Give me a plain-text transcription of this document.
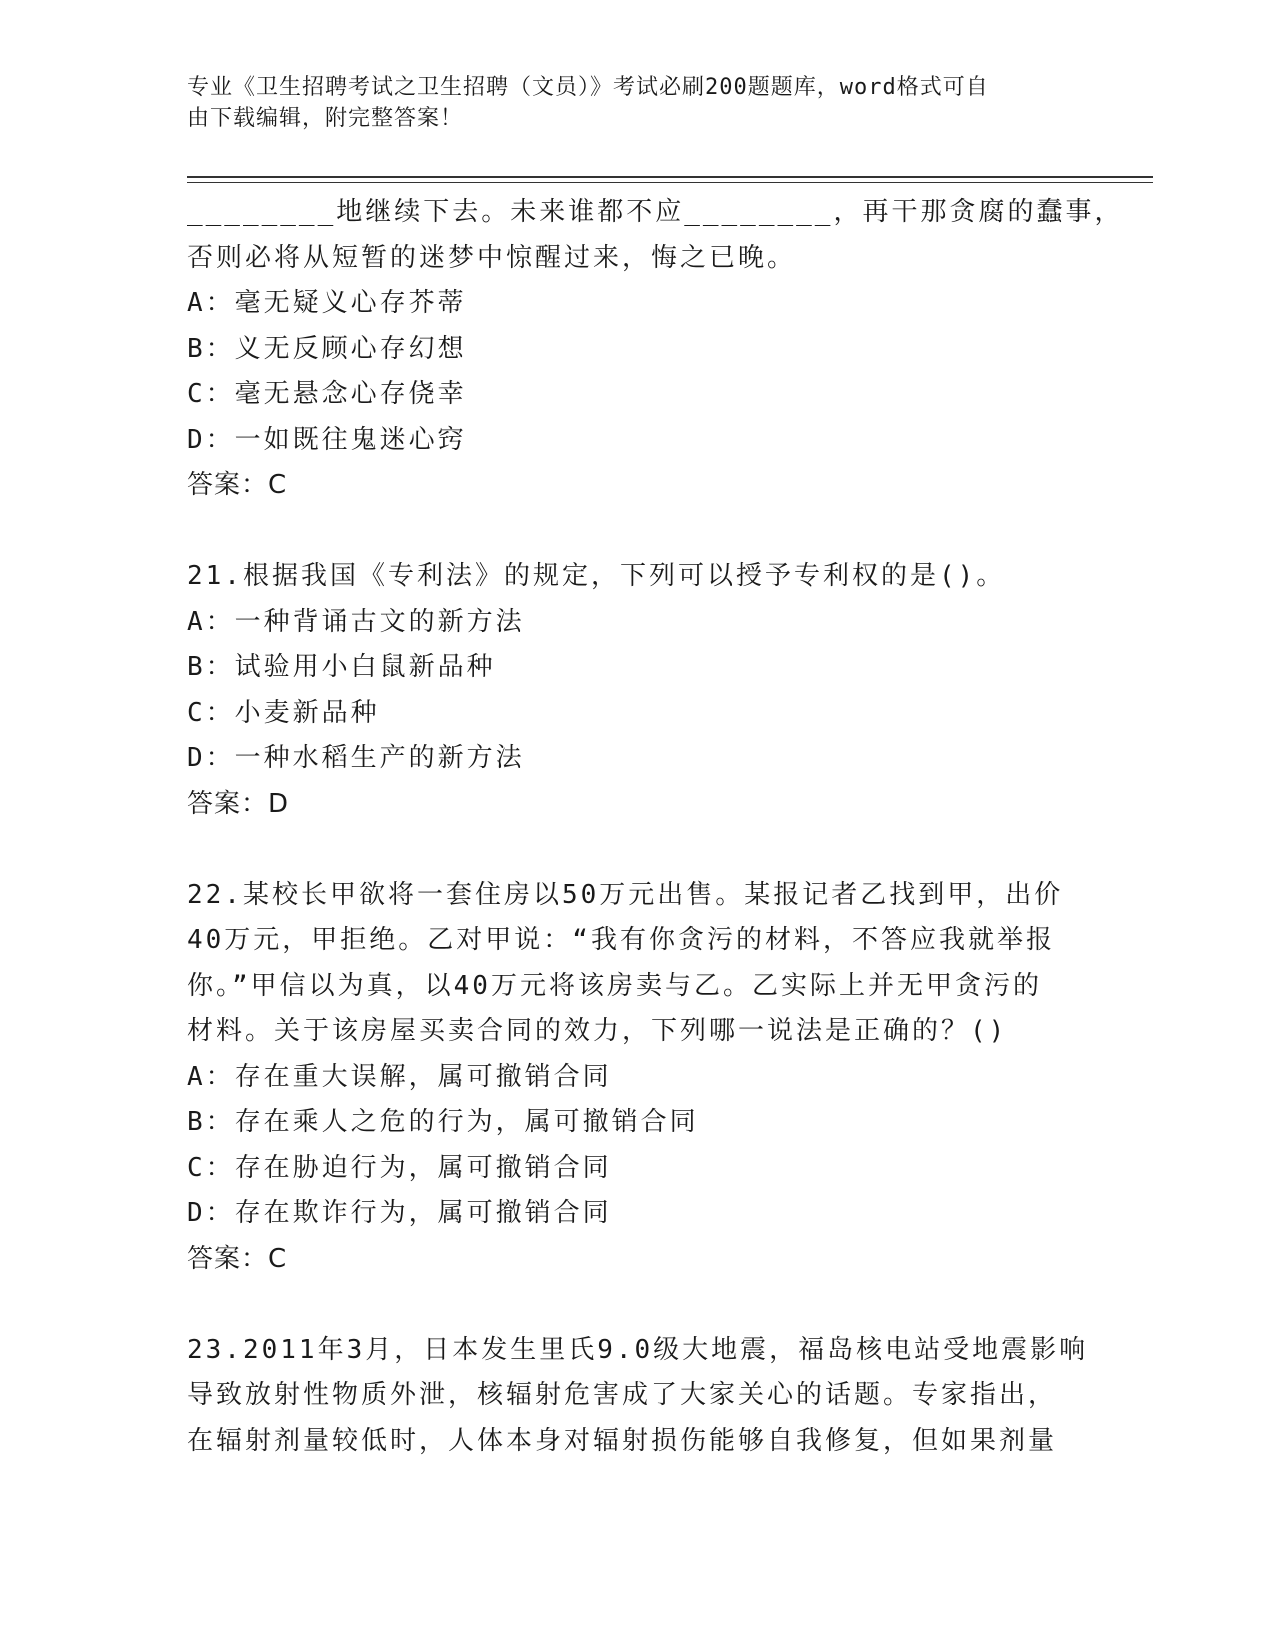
专业《卫生招聘考试之卫生招聘（文员）》考试必刷200题题库，word格式可自
由下载编辑，附完整答案！
________地继续下去。未来谁都不应________，再干那贪腐的蠢事，
否则必将从短暂的迷梦中惊醒过来，悔之已晚。
A：毫无疑义心存芥蒂
B：义无反顾心存幻想
C：毫无悬念心存侥幸
D：一如既往鬼迷心窍
答案：C
21.根据我国《专利法》的规定，下列可以授予专利权的是()。
A：一种背诵古文的新方法
B：试验用小白鼠新品种
C：小麦新品种
D：一种水稻生产的新方法
答案：D
22.某校长甲欲将一套住房以50万元出售。某报记者乙找到甲，出价
40万元，甲拒绝。乙对甲说：“我有你贪污的材料，不答应我就举报
你。”甲信以为真，以40万元将该房卖与乙。乙实际上并无甲贪污的
材料。关于该房屋买卖合同的效力，下列哪一说法是正确的？()
A：存在重大误解，属可撤销合同
B：存在乘人之危的行为，属可撤销合同
C：存在胁迫行为，属可撤销合同
D：存在欺诈行为，属可撤销合同
答案：C
23.2011年3月，日本发生里氏9.0级大地震，福岛核电站受地震影响
导致放射性物质外泄，核辐射危害成了大家关心的话题。专家指出，
在辐射剂量较低时，人体本身对辐射损伤能够自我修复，但如果剂量
